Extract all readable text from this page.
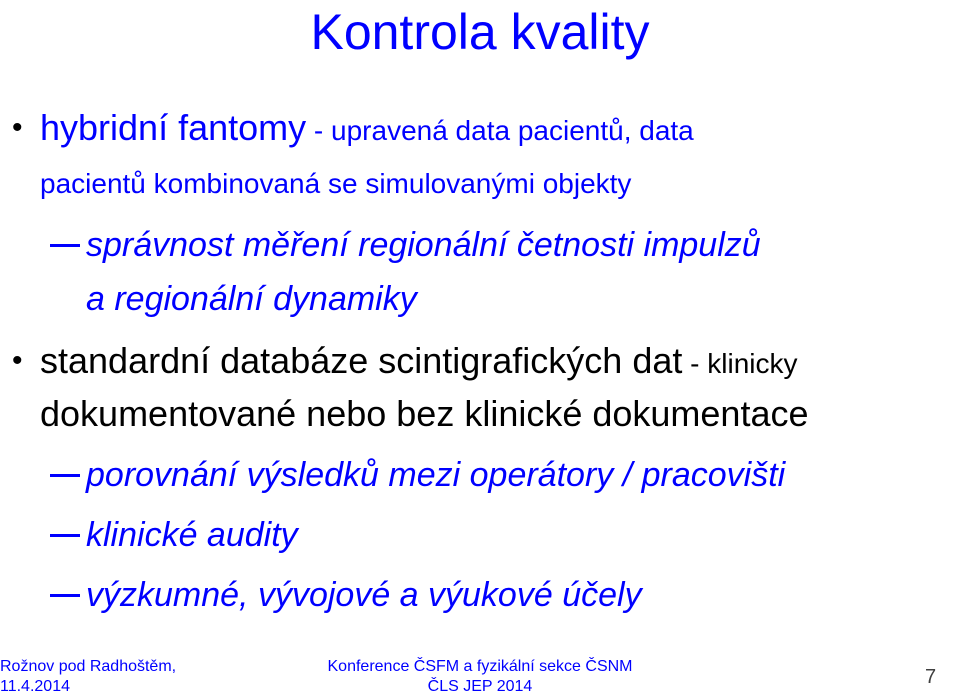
Kontrola kvality
• hybridní fantomy - upravená data pacientů, data
pacientů kombinovaná se simulovanými objekty
správnost měření regionální četnosti impulzů
a regionální dynamiky
• standardní databáze scintigrafických dat - klinicky
dokumentované nebo bez klinické dokumentace
porovnání výsledků mezi operátory / pracovišti
klinické audity
výzkumné, vývojové a výukové účely
Rožnov pod Radhoštěm,
11.4.2014
Konference ČSFM a fyzikální sekce ČSNM
ČLS JEP 2014	7
